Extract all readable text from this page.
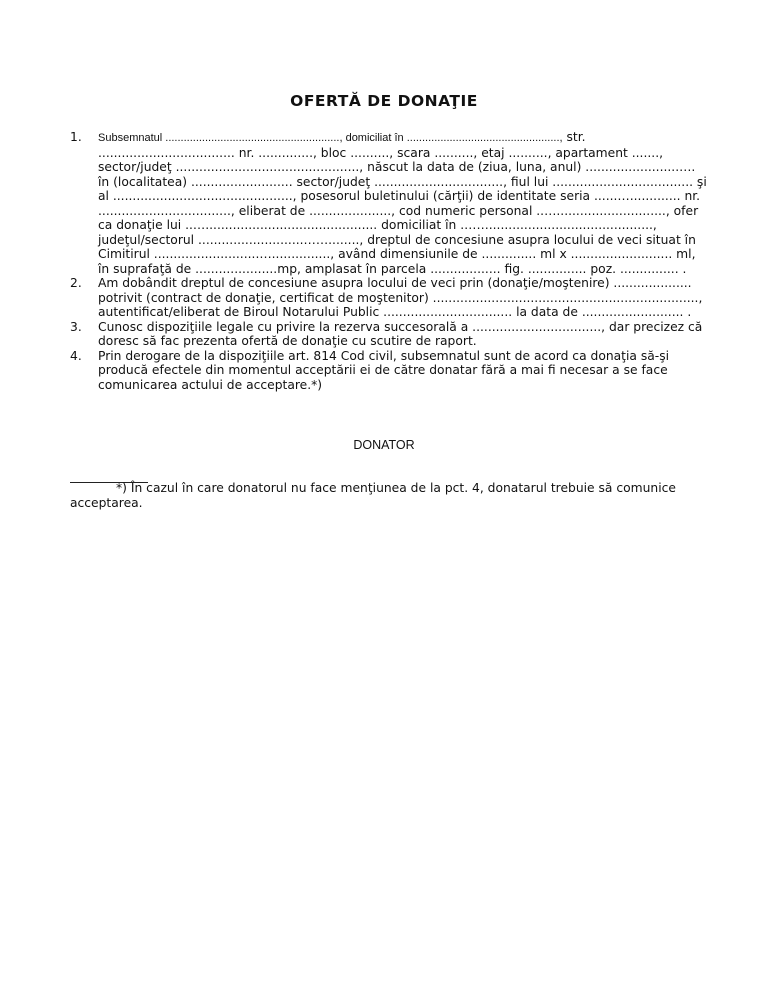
OFERTĂ DE DONAŢIE
1.	Subsemnatul ........................................................., domiciliat în .................................................., str. ................................... nr. .............., bloc .........., scara .........., etaj .........., apartament ......., sector/judeţ ..............................................., născut la data de (ziua, luna, anul) ........................…. în (localitatea) .......................... sector/judeţ ................................., fiul lui .................................... şi al .............................................., posesorul buletinului (cărţii) de identitate seria ......…............. nr. .................................., eliberat de ....................., cod numeric personal ..…............................, ofer ca donaţie lui ..…............................................ domiciliat în .…….........................................., judeţul/sectorul ...........................……........, dreptul de concesiune asupra locului de veci situat în Cimitirul ...........................…..............., având dimensiunile de .............. ml x .......................... ml, în suprafaţă de .....................mp, amplasat în parcela .................. fig. ............... poz. ............... .
2.	Am dobândit dreptul de concesiune asupra locului de veci prin (donaţie/moştenire) .................... potrivit (contract de donaţie, certificat de moştenitor) ...................................................................., autentificat/eliberat de Biroul Notarului Public ................................. la data de .......................... .
3.	Cunosc dispoziţiile legale cu privire la rezerva succesorală a ................................., dar precizez că doresc să fac prezenta ofertă de donaţie cu scutire de raport.
4.	Prin derogare de la dispoziţiile art. 814 Cod civil, subsemnatul sunt de acord ca donaţia să-şi producă efectele din momentul acceptării ei de către donatar fără a mai fi necesar a se face comunicarea actului de acceptare.*)
DONATOR
*) În cazul în care donatorul nu face menţiunea de la pct. 4, donatarul trebuie să comunice acceptarea.
